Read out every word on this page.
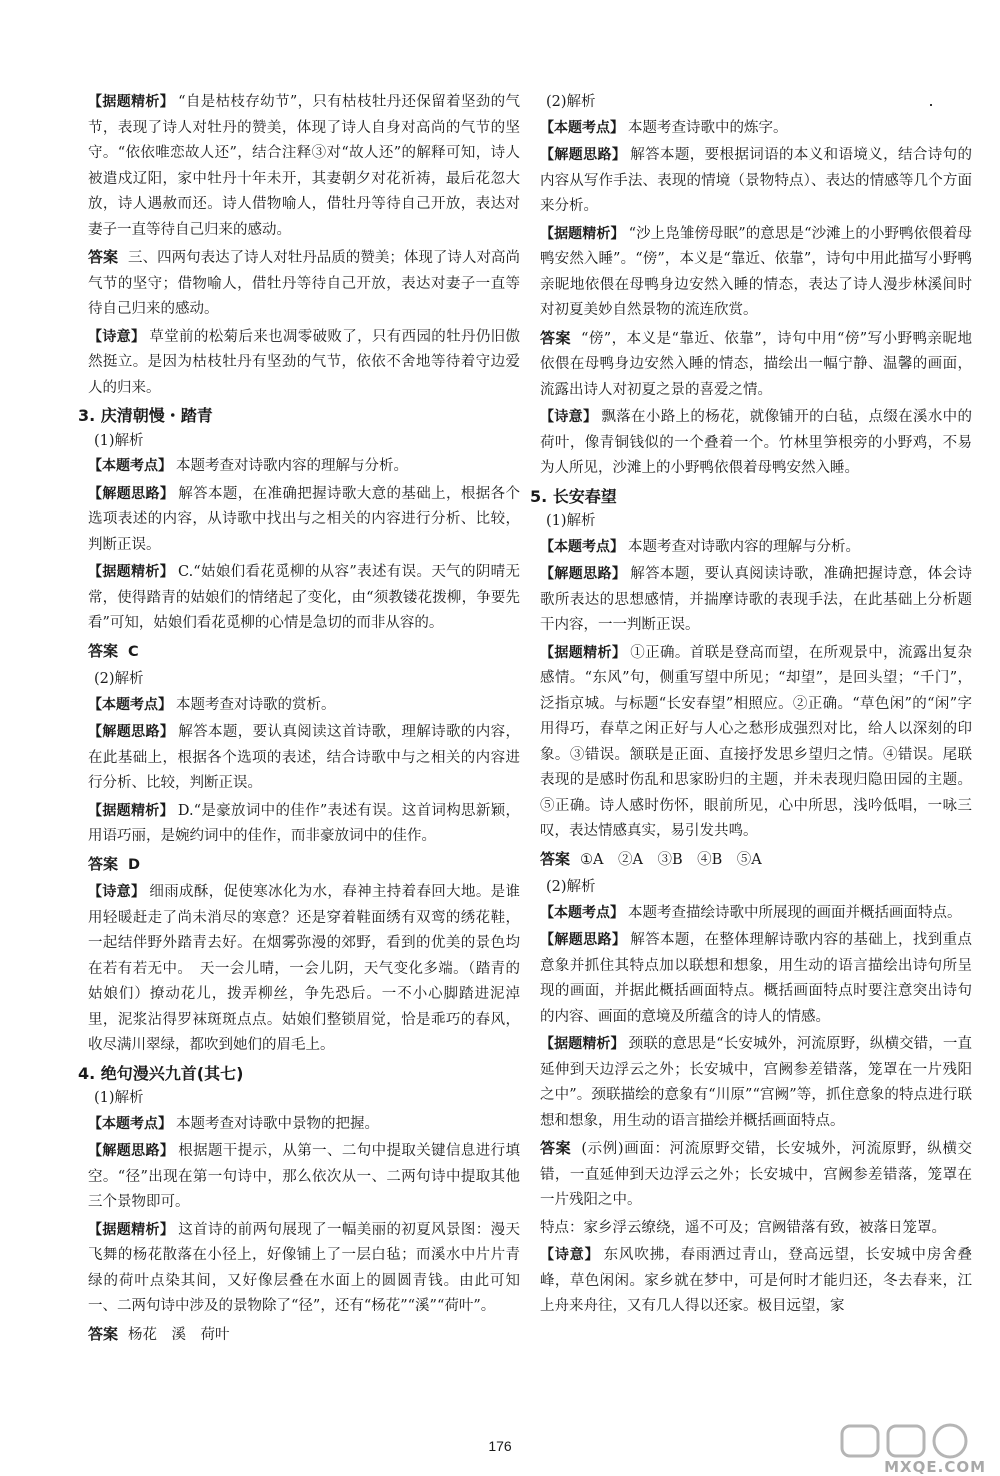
【据题精析】 “自是枯枝存幼节”，只有枯枝牡丹还保留着坚劲的气节，表现了诗人对牡丹的赞美，体现了诗人自身对高尚的气节的坚守。“依依唯恋故人还”，结合注释③对“故人还”的解释可知，诗人被遣戍辽阳，家中牡丹十年未开，其妻朝夕对花祈祷，最后花忽大放，诗人遇赦而还。诗人借物喻人，借牡丹等待自己开放，表达对妻子一直等待自己归来的感动。

答案 三、四两句表达了诗人对牡丹品质的赞美；体现了诗人对高尚气节的坚守；借物喻人，借牡丹等待自己开放，表达对妻子一直等待自己归来的感动。

【诗意】 草堂前的松菊后来也凋零破败了，只有西园的牡丹仍旧傲然挺立。是因为枯枝牡丹有坚劲的气节，依依不舍地等待着守边爱人的归来。

3. 庆清朝慢・踏青
(1)解析

【本题考点】 本题考查对诗歌内容的理解与分析。

【解题思路】 解答本题，在准确把握诗歌大意的基础上，根据各个选项表述的内容，从诗歌中找出与之相关的内容进行分析、比较，判断正误。

【据题精析】 C.“姑娘们看花觅柳的从容”表述有误。天气的阴晴无常，使得踏青的姑娘们的情绪起了变化，由“须教镂花拨柳，争要先看”可知，姑娘们看花觅柳的心情是急切的而非从容的。

答案 C
(2)解析

【本题考点】 本题考查对诗歌的赏析。

【解题思路】 解答本题，要认真阅读这首诗歌，理解诗歌的内容，在此基础上，根据各个选项的表述，结合诗歌中与之相关的内容进行分析、比较，判断正误。

【据题精析】 D.“是豪放词中的佳作”表述有误。这首词构思新颖，用语巧丽，是婉约词中的佳作，而非豪放词中的佳作。

答案 D

【诗意】 细雨成酥，促使寒冰化为水，春神主持着春回大地。是谁用轻暖赶走了尚未消尽的寒意？还是穿着鞋面绣有双鸾的绣花鞋，一起结伴野外踏青去好。在烟雾弥漫的郊野，看到的优美的景色均在若有若无中。　天一会儿晴，一会儿阴，天气变化多端。（踏青的姑娘们）撩动花儿，拨弄柳丝，争先恐后。一不小心脚踏进泥淖里，泥浆沾得罗袜斑斑点点。姑娘们整锁眉觉，恰是乖巧的春风，收尽满川翠绿，都吹到她们的眉毛上。

4. 绝句漫兴九首(其七)
(1)解析

【本题考点】 本题考查对诗歌中景物的把握。

【解题思路】 根据题干提示，从第一、二句中提取关键信息进行填空。“径”出现在第一句诗中，那么依次从一、二两句诗中提取其他三个景物即可。

【据题精析】 这首诗的前两句展现了一幅美丽的初夏风景图：漫天飞舞的杨花散落在小径上，好像铺上了一层白毡；而溪水中片片青绿的荷叶点染其间，又好像层叠在水面上的圆圆青钱。由此可知一、二两句诗中涉及的景物除了“径”，还有“杨花”“溪”“荷叶”。

答案 杨花　溪　荷叶
(2)解析

【本题考点】 本题考查诗歌中的炼字。

【解题思路】 解答本题，要根据词语的本义和语境义，结合诗句的内容从写作手法、表现的情境（景物特点）、表达的情感等几个方面来分析。

【据题精析】 “沙上凫雏傍母眠”的意思是“沙滩上的小野鸭依偎着母鸭安然入睡”。“傍”，本义是“靠近、依靠”，诗句中用此描写小野鸭亲昵地依偎在母鸭身边安然入睡的情态，表达了诗人漫步林溪间时对初夏美妙自然景物的流连欣赏。

答案 “傍”，本义是“靠近、依靠”，诗句中用“傍”写小野鸭亲昵地依偎在母鸭身边安然入睡的情态，描绘出一幅宁静、温馨的画面，流露出诗人对初夏之景的喜爱之情。

【诗意】 飘落在小路上的杨花，就像铺开的白毡，点缀在溪水中的荷叶，像青铜钱似的一个叠着一个。竹林里笋根旁的小野鸡，不易为人所见，沙滩上的小野鸭依偎着母鸭安然入睡。

5. 长安春望
(1)解析

【本题考点】 本题考查对诗歌内容的理解与分析。

【解题思路】 解答本题，要认真阅读诗歌，准确把握诗意，体会诗歌所表达的思想感情，并揣摩诗歌的表现手法，在此基础上分析题干内容，一一判断正误。

【据题精析】 ①正确。首联是登高而望，在所观景中，流露出复杂感情。“东风”句，侧重写望中所见；“却望”，是回头望；“千门”，泛指京城。与标题“长安春望”相照应。②正确。“草色闲”的“闲”字用得巧，春草之闲正好与人心之愁形成强烈对比，给人以深刻的印象。③错误。颔联是正面、直接抒发思乡望归之情。④错误。尾联表现的是感时伤乱和思家盼归的主题，并未表现归隐田园的主题。⑤正确。诗人感时伤怀，眼前所见，心中所思，浅吟低唱，一咏三叹，表达情感真实，易引发共鸣。

答案 ①A　②A　③B　④B　⑤A
(2)解析

【本题考点】 本题考查描绘诗歌中所展现的画面并概括画面特点。

【解题思路】 解答本题，在整体理解诗歌内容的基础上，找到重点意象并抓住其特点加以联想和想象，用生动的语言描绘出诗句所呈现的画面，并据此概括画面特点。概括画面特点时要注意突出诗句的内容、画面的意境及所蕴含的诗人的情感。

【据题精析】 颈联的意思是“长安城外，河流原野，纵横交错，一直延伸到天边浮云之外；长安城中，宫阙参差错落，笼罩在一片残阳之中”。颈联描绘的意象有“川原”“宫阙”等，抓住意象的特点进行联想和想象，用生动的语言描绘并概括画面特点。

答案 (示例)画面：河流原野交错，长安城外，河流原野，纵横交错，一直延伸到天边浮云之外；长安城中，宫阙参差错落，笼罩在一片残阳之中。

特点：家乡浮云缭绕，遥不可及；宫阙错落有致，被落日笼罩。

【诗意】 东风吹拂，春雨洒过青山，登高远望，长安城中房舍叠峰，草色闲闲。家乡就在梦中，可是何时才能归还，冬去春来，江上舟来舟往，又有几人得以还家。极目远望，家

176
MXQE.COM
